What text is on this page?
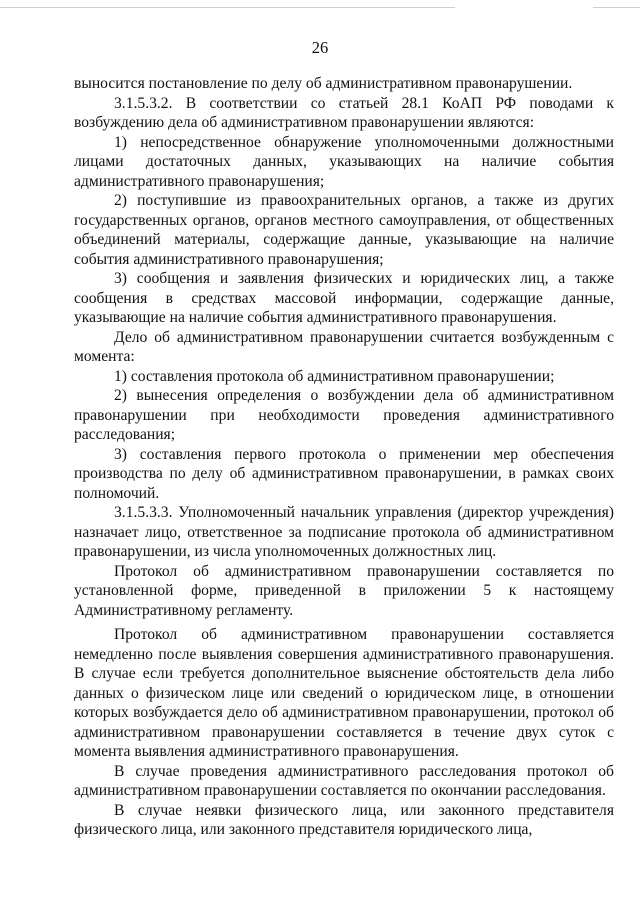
26

выносится постановление по делу об административном правонарушении.

3.1.5.3.2. В соответствии со статьей 28.1 КоАП РФ поводами к возбуждению дела об административном правонарушении являются:

1) непосредственное обнаружение уполномоченными должностными лицами достаточных данных, указывающих на наличие события административного правонарушения;

2) поступившие из правоохранительных органов, а также из других государственных органов, органов местного самоуправления, от общественных объединений материалы, содержащие данные, указывающие на наличие события административного правонарушения;

3) сообщения и заявления физических и юридических лиц, а также сообщения в средствах массовой информации, содержащие данные, указывающие на наличие события административного правонарушения.

Дело об административном правонарушении считается возбужденным с момента:

1) составления протокола об административном правонарушении;

2) вынесения определения о возбуждении дела об административном правонарушении при необходимости проведения административного расследования;

3) составления первого протокола о применении мер обеспечения производства по делу об административном правонарушении, в рамках своих полномочий.

3.1.5.3.3. Уполномоченный начальник управления (директор учреждения) назначает лицо, ответственное за подписание протокола об административном правонарушении, из числа уполномоченных должностных лиц.

Протокол об административном правонарушении составляется по установленной форме, приведенной в приложении 5 к настоящему Административному регламенту.

Протокол об административном правонарушении составляется немедленно после выявления совершения административного правонарушения. В случае если требуется дополнительное выяснение обстоятельств дела либо данных о физическом лице или сведений о юридическом лице, в отношении которых возбуждается дело об административном правонарушении, протокол об административном правонарушении составляется в течение двух суток с момента выявления административного правонарушения.

В случае проведения административного расследования протокол об административном правонарушении составляется по окончании расследования.

В случае неявки физического лица, или законного представителя физического лица, или законного представителя юридического лица,
